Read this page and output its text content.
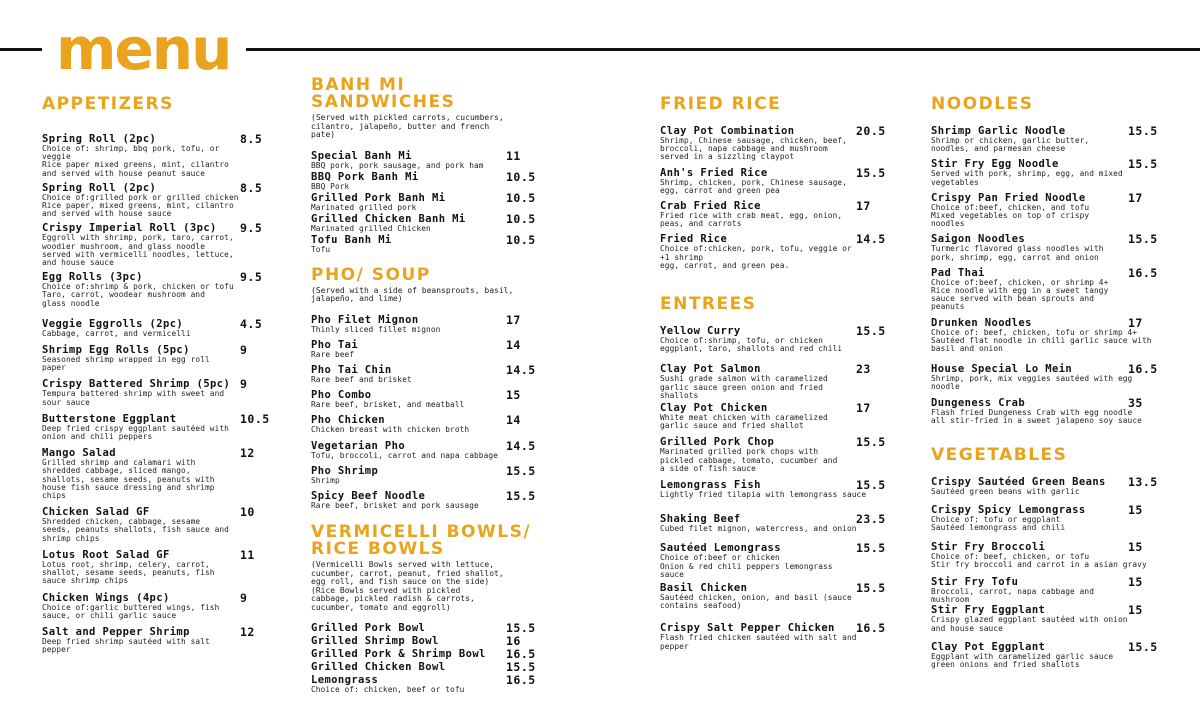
menu
APPETIZERS
Spring Roll (2pc)	8.5
Choice of: shrimp, bbq pork, tofu, or
veggie
Rice paper mixed greens, mint, cilantro
and served with house peanut sauce
Spring Roll (2pc)	8.5
Choice of:grilled pork or grilled chicken
Rice paper, mixed greens, mint, cilantro
and served with house sauce
Crispy Imperial Roll (3pc)	9.5
Eggroll with shrimp, pork, taro, carrot,
woodier mushroom, and glass noodle
served with vermicelli noodles, lettuce,
and house sauce
Egg Rolls (3pc)	9.5
Choice of:shrimp & pork, chicken or tofu
Taro, carrot, woodear mushroom and
glass noodle
Veggie Eggrolls (2pc)	4.5
Cabbage, carrot, and vermicelli
Shrimp Egg Rolls (5pc)	9
Seasoned shrimp wrapped in egg roll
paper
Crispy Battered Shrimp (5pc) 9
Tempura battered shrimp with sweet and
sour sauce
Butterstone Eggplant	10.5
Deep fried crispy eggplant sautéed with
onion and chili peppers
Mango Salad	12
Grilled shrimp and calamari with
shredded cabbage, sliced mango,
shallots, sesame seeds, peanuts with
house fish sauce dressing and shrimp
chips
Chicken Salad GF	10
Shredded chicken, cabbage, sesame
seeds, peanuts shallots, fish sauce and
shrimp chips
Lotus Root Salad GF	11
Lotus root, shrimp, celery, carrot,
shallot, sesame seeds, peanuts, fish
sauce shrimp chips
Chicken Wings (4pc)	9
Choice of:garlic buttered wings, fish
sauce, or chili garlic sauce
Salt and Pepper Shrimp	12
Deep fried shrimp sautéed with salt
pepper
BANH MI SANDWICHES
(Served with pickled carrots, cucumbers,
cilantro, jalapeño, butter and french
pate)
Special Banh Mi	11
BBQ pork, pork sausage, and pork ham
BBQ Pork Banh Mi	10.5
BBQ Pork
Grilled Pork Banh Mi	10.5
Marinated grilled pork
Grilled Chicken Banh Mi	10.5
Marinated grilled Chicken
Tofu Banh Mi	10.5
Tofu
PHO/ SOUP
(Served with a side of beansprouts, basil,
jalapeño, and lime)
Pho Filet Mignon	17
Thinly sliced fillet mignon
Pho Tai	14
Rare beef
Pho Tai Chin	14.5
Rare beef and brisket
Pho Combo	15
Rare beef, brisket, and meatball
Pho Chicken	14
Chicken breast with chicken broth
Vegetarian Pho	14.5
Tofu, broccoli, carrot and napa cabbage
Pho Shrimp	15.5
Shrimp
Spicy Beef Noodle	15.5
Rare beef, brisket and pork sausage
VERMICELLI BOWLS/ RICE BOWLS
(Vermicelli Bowls served with lettuce,
cucumber, carrot, peanut, fried shallot,
egg roll, and fish sauce on the side)
(Rice Bowls served with pickled
cabbage, pickled radish & carrots,
cucumber, tomato and eggroll)
Grilled Pork Bowl	15.5
Grilled Shrimp Bowl	16
Grilled Pork & Shrimp Bowl	16.5
Grilled Chicken Bowl	15.5
Lemongrass	16.5
Choice of: chicken, beef or tofu
FRIED RICE
Clay Pot Combination	20.5
Shrimp, Chinese sausage, chicken, beef,
broccoli, napa cabbage and mushroom
served in a sizzling claypot
Anh's Fried Rice	15.5
Shrimp, chicken, pork, Chinese sausage,
egg, carrot and green pea
Crab Fried Rice	17
Fried rice with crab meat, egg, onion,
peas, and carrots
Fried Rice	14.5
Choice of:chicken, pork, tofu, veggie or
+1 shrimp
egg, carrot, and green pea.
ENTREES
Yellow Curry	15.5
Choice of:shrimp, tofu, or chicken
eggplant, taro, shallots and red chili
Clay Pot Salmon	23
Sushi grade salmon with caramelized
garlic sauce green onion and fried
shallots
Clay Pot Chicken	17
White meat chicken with caramelized
garlic sauce and fried shallot
Grilled Pork Chop	15.5
Marinated grilled pork chops with
pickled cabbage, tomato, cucumber and
a side of fish sauce
Lemongrass Fish	15.5
Lightly fried tilapia with lemongrass sauce
Shaking Beef	23.5
Cubed filet mignon, watercress, and onion
Sautéed Lemongrass	15.5
Choice of:beef or chicken
Onion & red chili peppers lemongrass
sauce
Basil Chicken	15.5
Sautéed chicken, onion, and basil (sauce
contains seafood)
Crispy Salt Pepper Chicken	16.5
Flash fried chicken sautéed with salt and
pepper
NOODLES
Shrimp Garlic Noodle	15.5
Shrimp or chicken, garlic butter,
noodles, and parmesan cheese
Stir Fry Egg Noodle	15.5
Served with pork, shrimp, egg, and mixed
vegetables
Crispy Pan Fried Noodle	17
Choice of:beef, chicken, and tofu
Mixed vegetables on top of crispy
noodles
Saigon Noodles	15.5
Turmeric flavored glass noodles with
pork, shrimp, egg, carrot and onion
Pad Thai	16.5
Choice of:beef, chicken, or shrimp 4+
Rice noodle with egg in a sweet tangy
sauce served with bean sprouts and
peanuts
Drunken Noodles	17
Choice of: beef, chicken, tofu or shrimp 4+
Sautéed flat noodle in chili garlic sauce with
basil and onion
House Special Lo Mein	16.5
Shrimp, pork, mix veggies sautéed with egg
noodle
Dungeness Crab	35
Flash fried Dungeness Crab with egg noodle
all stir-fried in a sweet jalapeno soy sauce
VEGETABLES
Crispy Sautéed Green Beans	13.5
Sautéed green beans with garlic
Crispy Spicy Lemongrass	15
Choice of: tofu or eggplant
Sautéed lemongrass and chili
Stir Fry Broccoli	15
Choice of: beef, chicken, or tofu
Stir fry broccoli and carrot in a asian gravy
Stir Fry Tofu	15
Broccoli, carrot, napa cabbage and
mushroom
Stir Fry Eggplant	15
Crispy glazed eggplant sautéed with onion
and house sauce
Clay Pot Eggplant	15.5
Eggplant with caramelized garlic sauce
green onions and fried shallots
